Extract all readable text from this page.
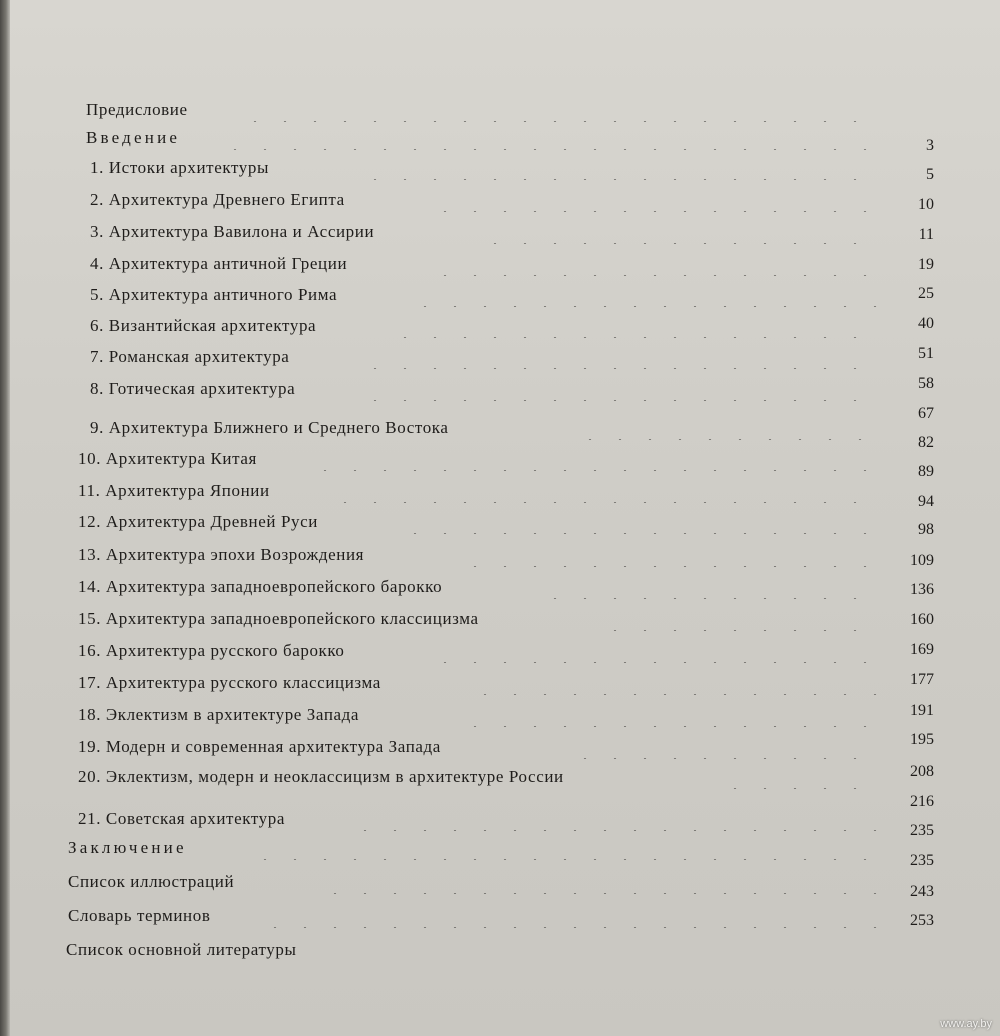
Предисловие
Введение
1. Истоки архитектуры
3
2. Архитектура Древнего Египта
5
3. Архитектура Вавилона и Ассирии
10
4. Архитектура античной Греции
11
5. Архитектура античного Рима
19
6. Византийская архитектура
25
7. Романская архитектура
40
8. Готическая архитектура
51
9. Архитектура Ближнего и Среднего Востока
58
10. Архитектура Китая
67
11. Архитектура Японии
82
12. Архитектура Древней Руси
89
13. Архитектура эпохи Возрождения
94
14. Архитектура западноевропейского барокко
98
15. Архитектура западноевропейского классицизма
109
16. Архитектура русского барокко
136
17. Архитектура русского классицизма
160
18. Эклектизм в архитектуре Запада
169
19. Модерн и современная архитектура Запада
177
20. Эклектизм, модерн и неоклассицизм в архитектуре России
191
21. Советская архитектура
195
Заключение
208
Список иллюстраций
216
Словарь терминов
235
Список основной литературы
235
243
253
www.ay.by
